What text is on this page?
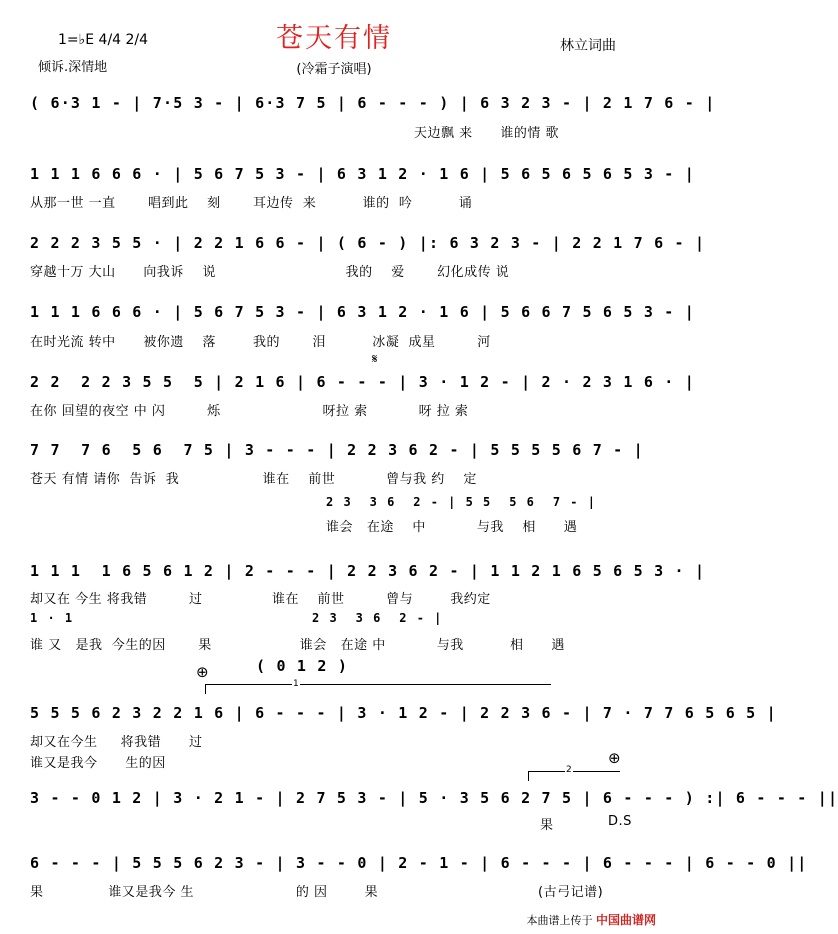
苍天有情
1=♭E 4/4 2/4
倾诉.深情地	(冷霜子演唱)
林立词曲
( 6·3 1 - | 7·5 3 - | 6·3 7 5 | 6 - - - ) | 6 3 2 3 - | 2 1 7 6 - |
天边飘 来      谁的情 歌
1 1 1 6 6 6 · | 5 6 7 5 3 - | 6 3 1 2 · 1 6 | 5 6 5 6 5 6 5 3 - |
从那一世 一直       唱到此    刻       耳边传  来          谁的  吟          诵
2 2 2 3 5 5 · | 2 2 1 6 6 - | ( 6 - ) |: 6 3 2 3 - | 2 2 1 7 6 - |
穿越十万 大山      向我诉    说                            我的    爱       幻化成传 说
1 1 1 6 6 6 · | 5 6 7 5 3 - | 6 3 1 2 · 1 6 | 5 6 6 7 5 6 5 3 - |
在时光流 转中      被你遗    落        我的       泪          冰凝  成星         河
𝄋
2 2  2 2 3 5 5  5 | 2 1 6 | 6 - - - | 3 · 1 2 - | 2 · 2 3 1 6 · |
在你 回望的夜空 中 闪         烁                      呀拉 索           呀 拉 索
7 7  7 6  5 6  7 5 | 3 - - - | 2 2 3 6 2 - | 5 5 5 5 6 7 - |
苍天 有情 请你  告诉  我                  谁在    前世           曾与我 约    定
2 3  3 6  2 - | 5 5  5 6  7 - |
谁会   在途    中           与我    相      遇
1 1 1  1 6 5 6 1 2 | 2 - - - | 2 2 3 6 2 - | 1 1 2 1 6 5 6 5 3 · |
却又在 今生 将我错         过               谁在    前世         曾与        我约定
1 · 1	2 3  3 6  2 - |
谁 又   是我  今生的因       果                   谁会   在途 中           与我          相      遇
⊕	( 0 1 2 )
1
5 5 5 6 2 3 2 2 1 6 | 6 - - - | 3 · 1 2 - | 2 2 3 6 - | 7 · 7 7 6 5 6 5 |
却又在今生     将我错      过
谁又是我今      生的因	⊕
2
3 - - 0 1 2 | 3 · 2 1 - | 2 7 5 3 - | 5 · 3 5 6 2 7 5 | 6 - - - ) :| 6 - - - ||
果	D.S
6 - - - | 5 5 5 6 2 3 - | 3 - - 0 | 2 - 1 - | 6 - - - | 6 - - - | 6 - - 0 ||
果              谁又是我今 生                      的 因        果	(古弓记谱)
本曲谱上传于 中国曲谱网
